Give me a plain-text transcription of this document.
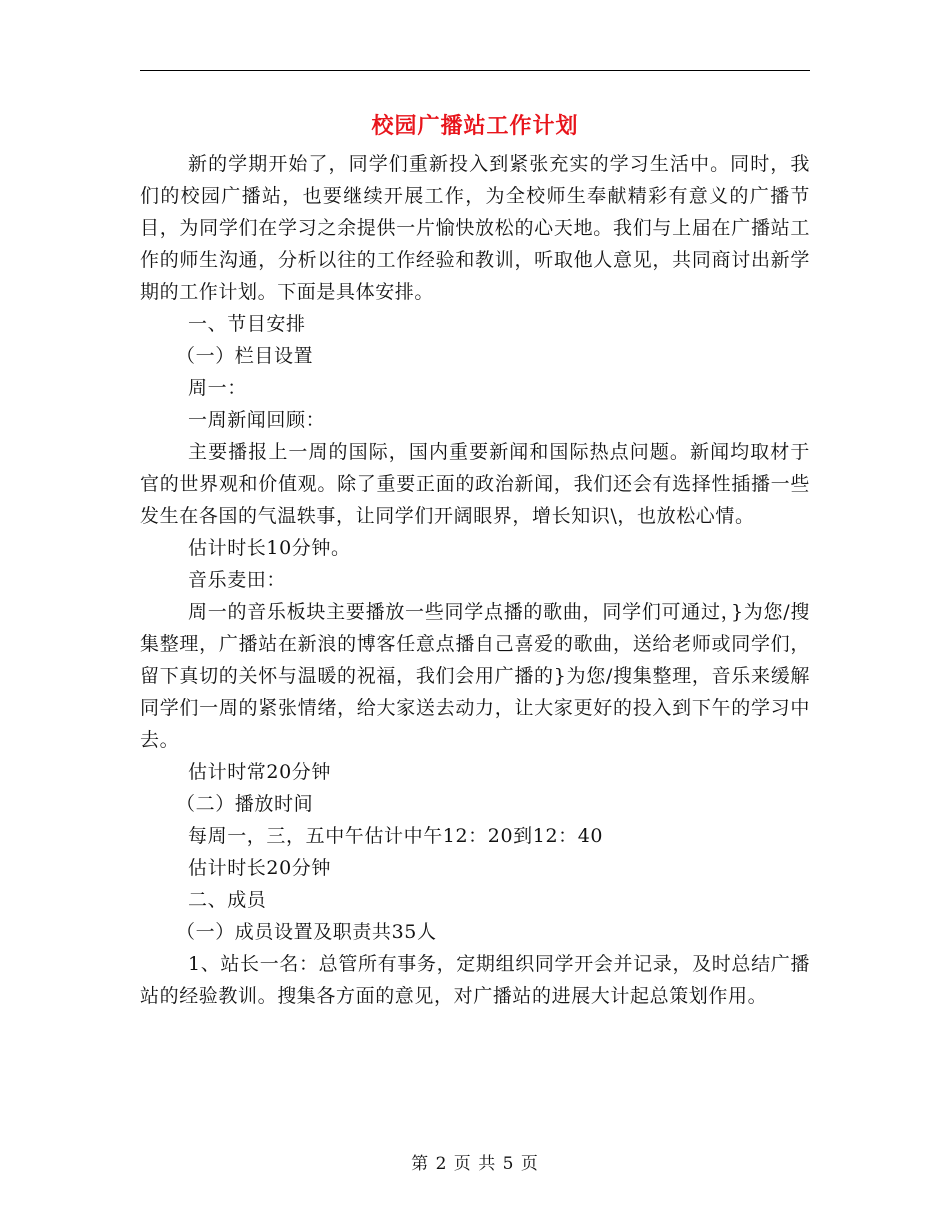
校园广播站工作计划

新的学期开始了，同学们重新投入到紧张充实的学习生活中。同时，我们的校园广播站，也要继续开展工作，为全校师生奉献精彩有意义的广播节目，为同学们在学习之余提供一片愉快放松的心天地。我们与上届在广播站工作的师生沟通，分析以往的工作经验和教训，听取他人意见，共同商讨出新学期的工作计划。下面是具体安排。

一、节目安排

（一）栏目设置

周一：

一周新闻回顾：

主要播报上一周的国际，国内重要新闻和国际热点问题。新闻均取材于官的世界观和价值观。除了重要正面的政治新闻，我们还会有选择性插播一些发生在各国的气温轶事，让同学们开阔眼界，增长知识\，也放松心情。

估计时长10分钟。

音乐麦田：

周一的音乐板块主要播放一些同学点播的歌曲，同学们可通过，}为您/搜集整理，广播站在新浪的博客任意点播自己喜爱的歌曲，送给老师或同学们，留下真切的关怀与温暖的祝福，我们会用广播的}为您/搜集整理，音乐来缓解同学们一周的紧张情绪，给大家送去动力，让大家更好的投入到下午的学习中去。

估计时常20分钟

（二）播放时间

每周一，三，五中午估计中午12：20到12：40

估计时长20分钟

二、成员

（一）成员设置及职责共35人

1、站长一名：总管所有事务，定期组织同学开会并记录，及时总结广播站的经验教训。搜集各方面的意见，对广播站的进展大计起总策划作用。

第 2 页 共 5 页
